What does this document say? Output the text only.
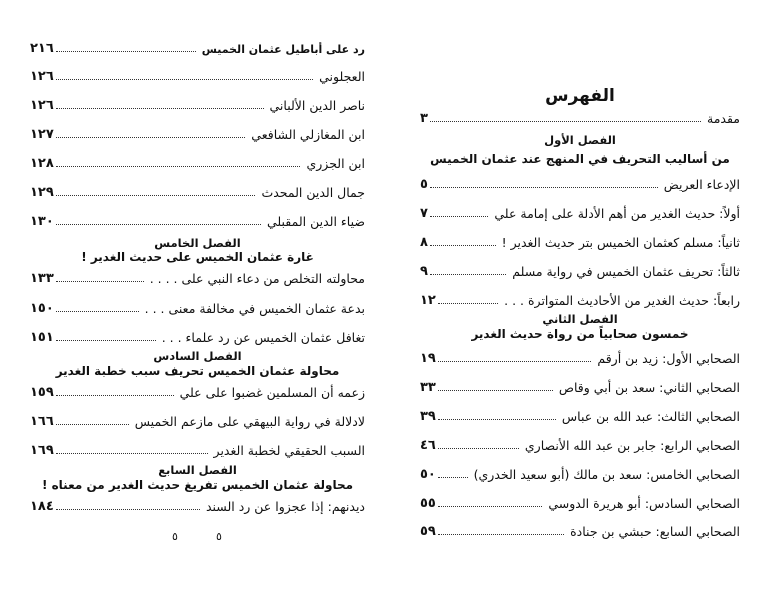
رد على أباطيل عثمان الخميس
٢١٦
العجلوني
١٢٦
ناصر الدين الألباني
١٢٦
ابن المغازلي الشافعي
١٢٧
ابن الجزري
١٢٨
جمال الدين المحدث
١٢٩
ضياء الدين المقبلي
١٣٠
الفصل الخامس
غارة عثمان الخميس على حديث الغدير !
محاولته التخلص من دعاء النبي على . . . .
١٣٣
بدعة عثمان الخميس في مخالفة معنى . . .
١٥٠
تغافل عثمان الخميس عن رد علماء . . .
١٥١
الفصل السادس
محاولة عثمان الخميس تحريف سبب خطبة الغدير
زعمه أن المسلمين غضبوا على علي
١٥٩
لادلالة في رواية البيهقي على مازعم الخميس
١٦٦
السبب الحقيقي لخطبة الغدير
١٦٩
الفصل السابع
محاولة عثمان الخميس تفريغ حديث الغدير من معناه !
ديدنهم: إذا عجزوا عن رد السند
١٨٤
٥
٥
الفهرس
مقدمة
٣
الفصل الأول
من أساليب التحريف في المنهج عند عثمان الخميس
الإدعاء العريض
٥
أولاً: حديث الغدير من أهم الأدلة على إمامة علي
٧
ثانياً: مسلم كعثمان الخميس بتر حديث الغدير !
٨
ثالثاً: تحريف عثمان الخميس في رواية مسلم
٩
رابعاً: حديث الغدير من الأحاديث المتواترة . . .
١٢
الفصل الثاني
خمسون صحابياً من رواة حديث الغدير
الصحابي الأول: زيد بن أرقم
١٩
الصحابي الثاني: سعد بن أبي وقاص
٣٣
الصحابي الثالث: عبد الله بن عباس
٣٩
الصحابي الرابع: جابر بن عبد الله الأنصاري
٤٦
الصحابي الخامس: سعد بن مالك (أبو سعيد الخدري)
٥٠
الصحابي السادس: أبو هريرة الدوسي
٥٥
الصحابي السابع: حبشي بن جنادة
٥٩
